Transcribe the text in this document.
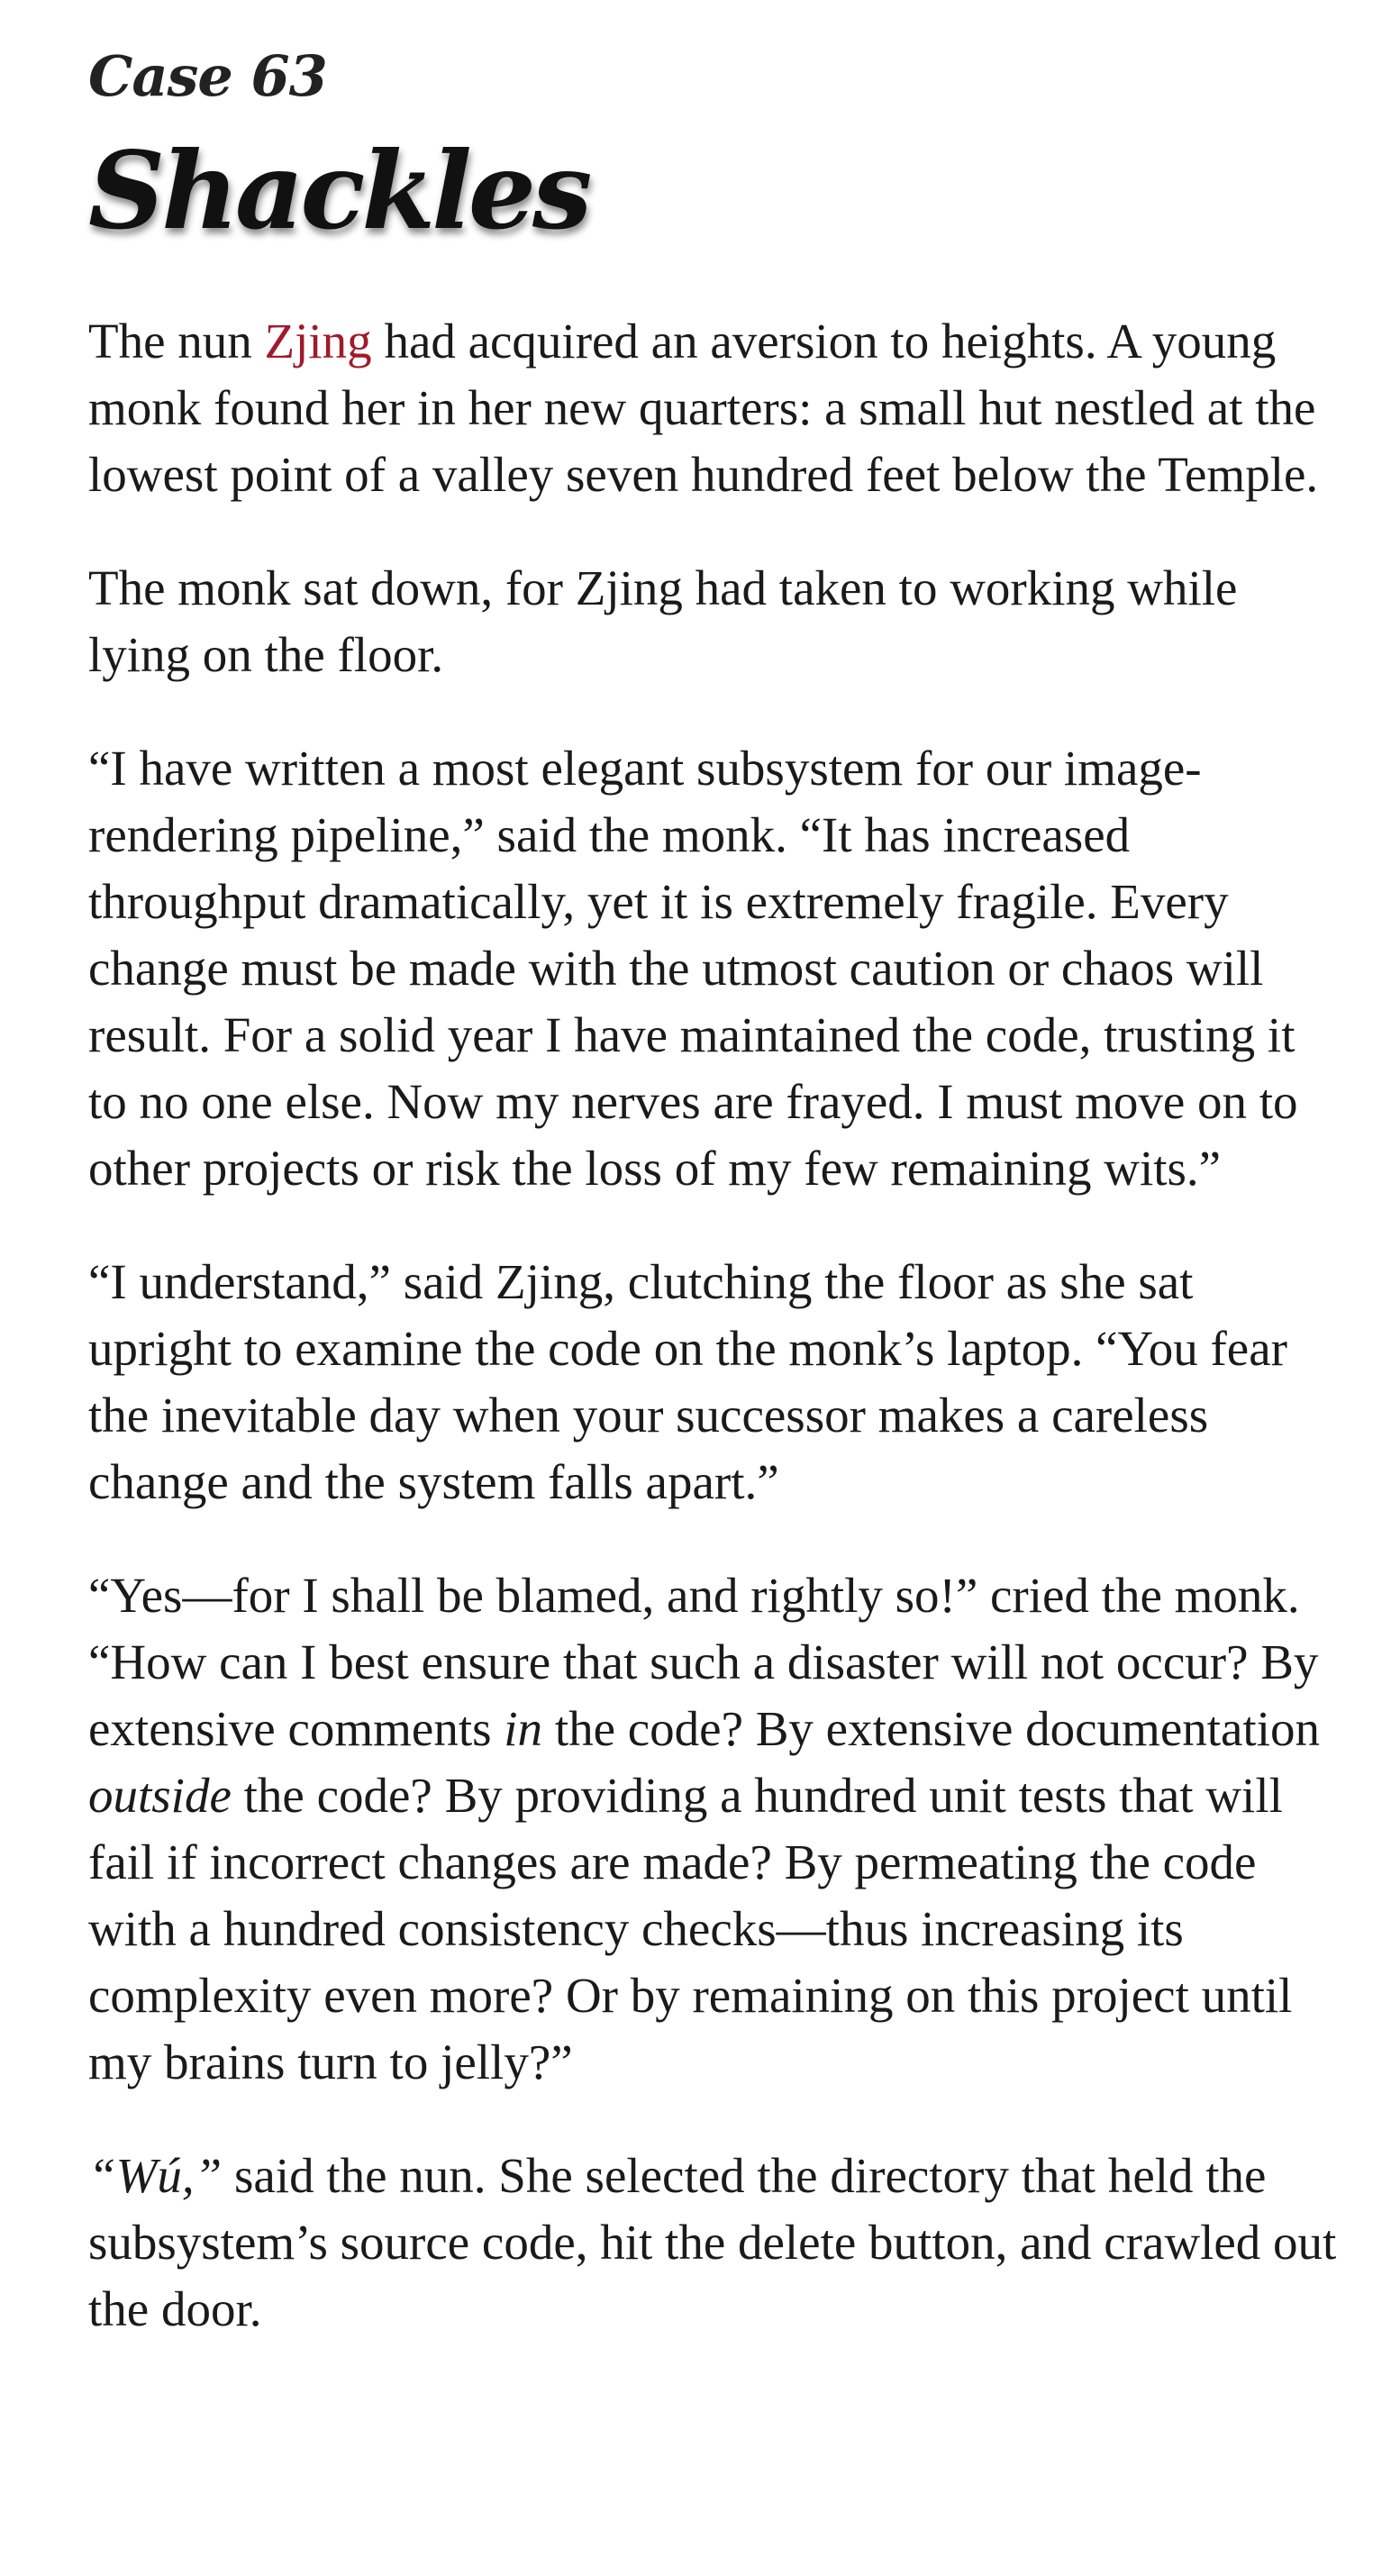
Case 63
Shackles

The nun Zjing had acquired an aversion to heights. A young monk found her in her new quarters: a small hut nestled at the lowest point of a valley seven hundred feet below the Temple.

The monk sat down, for Zjing had taken to working while lying on the floor.

“I have written a most elegant subsystem for our image-rendering pipeline,” said the monk. “It has increased throughput dramatically, yet it is extremely fragile. Every change must be made with the utmost caution or chaos will result. For a solid year I have maintained the code, trusting it to no one else. Now my nerves are frayed. I must move on to other projects or risk the loss of my few remaining wits.”

“I understand,” said Zjing, clutching the floor as she sat upright to examine the code on the monk’s laptop. “You fear the inevitable day when your successor makes a careless change and the system falls apart.”

“Yes—for I shall be blamed, and rightly so!” cried the monk. “How can I best ensure that such a disaster will not occur? By extensive comments in the code? By extensive documentation outside the code? By providing a hundred unit tests that will fail if incorrect changes are made? By permeating the code with a hundred consistency checks—thus increasing its complexity even more? Or by remaining on this project until my brains turn to jelly?”

“Wú,” said the nun. She selected the directory that held the subsystem’s source code, hit the delete button, and crawled out the door.
